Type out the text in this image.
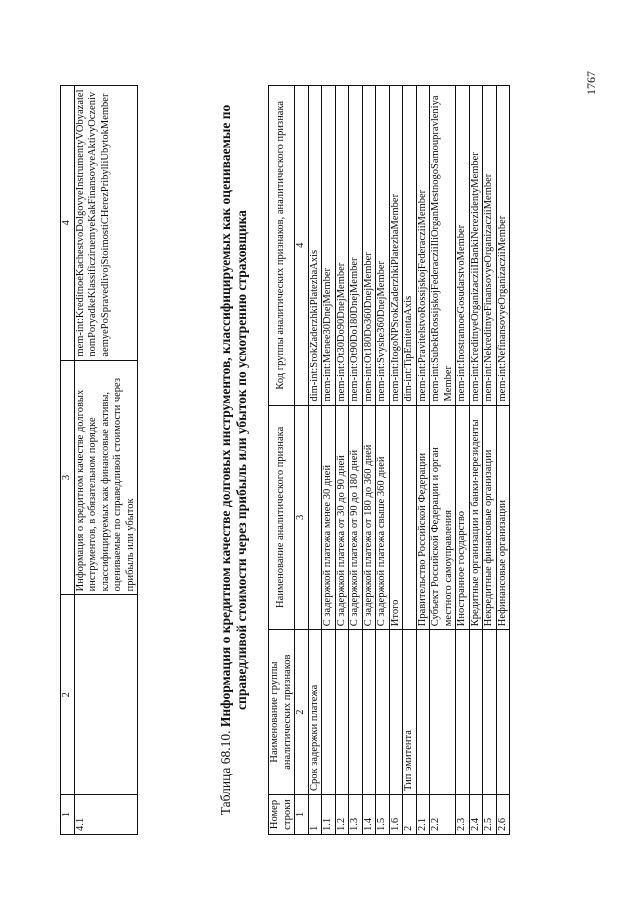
1	2	3	4
4.1		Информация о кредитном качестве долговых инструментов, в обязательном порядке классифицируемых как финансовые активы, оцениваемые по справедливой стоимости через прибыль или убыток	mem-int:KreditnoeKachestvoDolgovyeInstrumentyVObyazatelnomPoryadkeKlassificziruemyeKakFinansovyeAktivyOczenivaemyePoSpravedlivojStoimostiCHerezPribylliUbytokMember
Таблица 68.10. Информация о кредитном качестве долговых инструментов, классифицируемых как оцениваемые по справедливой стоимости через прибыль или убыток по усмотрению страховщика
Номер строки	Наименование группы аналитических признаков	Наименование аналитического признака	Код группы аналитических признаков, аналитического признака
1	2	3	4
1	Срок задержки платежа		dim-int:SrokZaderzhkiPlatezhaAxis
1.1		С задержкой платежа менее 30 дней	mem-int:Menee30DnejMember
1.2		С задержкой платежа от 30 до 90 дней	mem-int:Ot30Do90DnejMember
1.3		С задержкой платежа от 90 до 180 дней	mem-int:Ot90Do180DnejMember
1.4		С задержкой платежа от 180 до 360 дней	mem-int:Ot180Do360DnejMember
1.5		С задержкой платежа свыше 360 дней	mem-int:Svyshe360DnejMember
1.6		Итого	mem-int:ItogoNPSrokZaderzhkiPlatezhaMember
2	Тип эмитента		dim-int:TipEmitentaAxis
2.1		Правительство Российской Федерации	mem-int:PravitelstvoRossijskojFederacziiMember
2.2		Субъект Российской Федерации и орган местного самоуправления	mem-int:SubektRossijskojFederacziiIliOrganMestnogoSamoupravleniyaMember
2.3		Иностранное государство	mem-int:InostrannoeGosudarstvoMember
2.4		Кредитные организации и банки-нерезиденты	mem-int:KreditnyeOrganizacziiIBankiNerezidentyMember
2.5		Некредитные финансовые организации	mem-int:NekreditnyeFinansovyeOrganizacziiMember
2.6		Нефинансовые организации	mem-int:NefinansovyeOrganizacziiMember
1767
